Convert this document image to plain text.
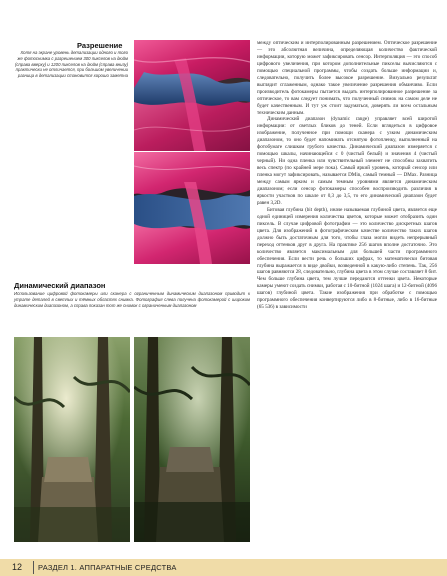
Разрешение

Хотя на экране уровень детализации одного и того же фотоснимка с разрешением 300 пикселов на дюйм (справа вверху) и 1200 пикселов на дюйм (справа внизу) практически не отличается, при большом увеличении разница в детализации становится хорошо заметна

Динамический диапазон

Использование цифровой фотокамеры или сканера с ограниченным динамическим диапазоном приводит к утрате деталей в светлых и тёмных областях снимка. Фотография слева получена фотокамерой с широким динамическим диапазоном, а справа показан тот же снимок с ограниченным диапазоном

между оптическим и интерполированным разрешением. Оптическое разрешение — это абсолютная величина, определяющая количество фактической информации, которую может зафиксировать сенсор. Интерполяция — это способ цифрового увеличения, при котором дополнительные пикселы вычисляются с помощью специальной программы, чтобы создать больше информации и, следовательно, получить более высокое разрешение. Визуально результат выглядит сглаженным, однако такое увеличение разрешения обманчиво. Если производитель фотокамеры пытается выдать интерполированное разрешение за оптическое, то вам следует понимать, что полученный снимок на самом деле не будет качественным. И тут уж стоит задуматься, доверять ли всем остальным техническим данным.

Динамический диапазон (dynamic range) управляет всей широтой информации: от светлых бликов до теней. Если вглядеться в цифровое изображение, полученное при помощи сканера с узким динамическим диапазоном, то оно будет напоминать отснятую фотопленку, выполненный на фотобумаге слишком грубого качества. Динамический диапазон измеряется с помощью шкалы, начинающейся с 0 (чистый белый) и значения 4 (чистый черный). Ни одна пленка или чувствительный элемент не способны захватить весь спектр (по крайней мере пока). Самый яркий уровень, который сенсор или пленка могут зафиксировать, называется DMin, самый темный — DMax. Разница между самым ярким и самым темным уровнями является динамическим диапазоном; если сенсор фотокамеры способен воспроизводить различия в яркости участков по шкале от 0,3 до 3,5, то его динамический диапазон будет равен 3,2D.

Битовая глубина (bit depth), иначе называемая глубиной цвета, является еще одной единицей измерения количества цветов, которые может отобразить один пиксель. В случае цифровой фотографии — это количество дискретных шагов цвета. Для изображений в фотографическом качестве количество таких шагов должно быть достаточным для того, чтобы глаза могли видеть непрерывный переход оттенков друг в друга. На практике 256 шагов вполне достаточно. Это количество является максимальным для большей части программного обеспечения. Если вести речь о больших цифрах, то математически битовая глубина выражается в виде двойки, возведенной в какую-либо степень. Так, 256 шагов равняются 28, следовательно, глубина цвета в этом случае составляет 8 бит. Чем больше глубина цвета, тем лучше передаются оттенки цвета. Некоторые камеры умеют создать снимки, работая с 10-битной (1024 шага) и 12-битной (4096 шагов) глубиной цвета. Такие изображения при обработке с помощью программного обеспечения конвертируются либо в 8-битные, либо в 16-битные (65 536) в зависимости

12 РАЗДЕЛ 1. АППАРАТНЫЕ СРЕДСТВА
